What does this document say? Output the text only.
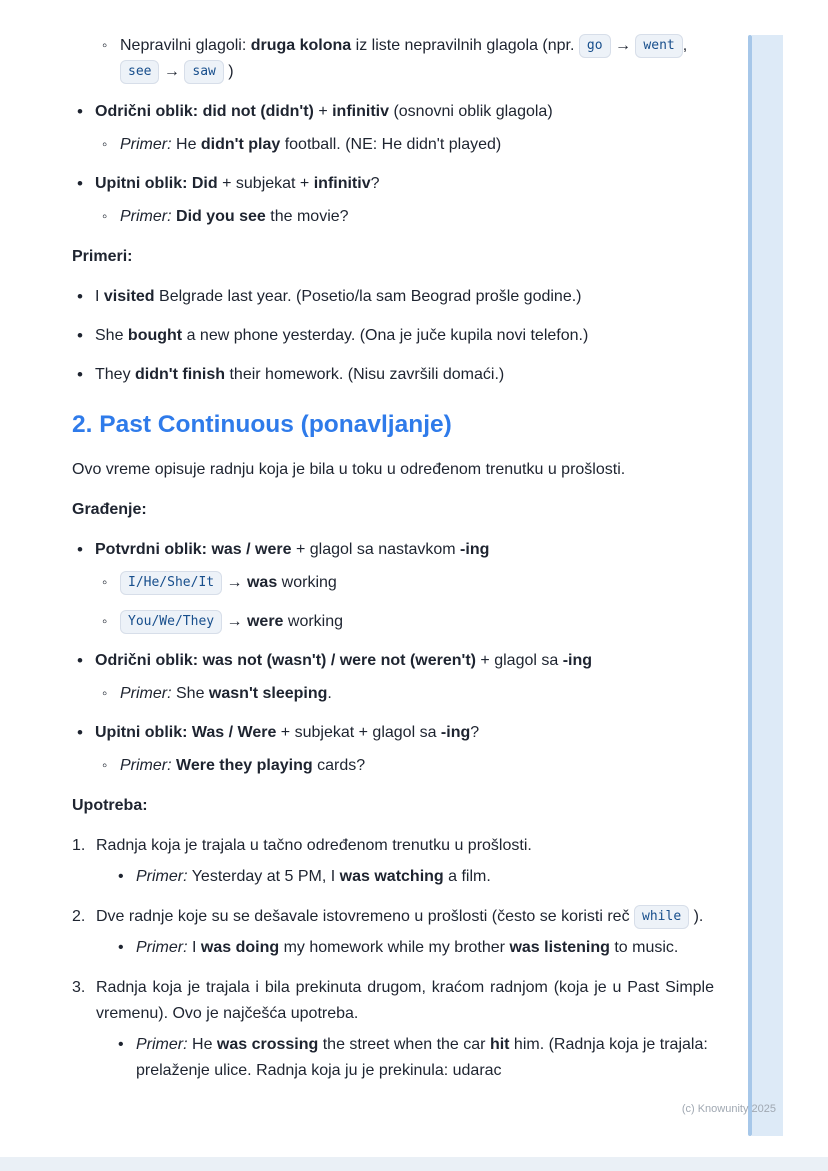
◦ Nepravilni glagoli: druga kolona iz liste nepravilnih glagola (npr. go → went , see → saw )
• Odrični oblik: did not (didn't) + infinitiv (osnovni oblik glagola)
◦ Primer: He didn't play football. (NE: He didn't played)
• Upitni oblik: Did + subjekat + infinitiv?
◦ Primer: Did you see the movie?

Primeri:

• I visited Belgrade last year. (Posetio/la sam Beograd prošle godine.)
• She bought a new phone yesterday. (Ona je juče kupila novi telefon.)
• They didn't finish their homework. (Nisu završili domaći.)
2. Past Continuous (ponavljanje)

Ovo vreme opisuje radnju koja je bila u toku u određenom trenutku u prošlosti.

Građenje:

• Potvrdni oblik: was / were + glagol sa nastavkom -ing
◦	I/He/She/It → was working
◦	You/We/They → were working
• Odrični oblik: was not (wasn't) / were not (weren't) + glagol sa -ing
◦ Primer: She wasn't sleeping.
• Upitni oblik: Was / Were + subjekat + glagol sa -ing?
◦ Primer: Were they playing cards?

Upotreba:

1. Radnja koja je trajala u tačno određenom trenutku u prošlosti.
• Primer: Yesterday at 5 PM, I was watching a film.
2. Dve radnje koje su se dešavale istovremeno u prošlosti (često se koristi reč while ).
• Primer: I was doing my homework while my brother was listening to music.
3. Radnja koja je trajala i bila prekinuta drugom, kraćom radnjom (koja je u Past Simple vremenu). Ovo je najčešća upotreba.
• Primer: He was crossing the street when the car hit him. (Radnja koja je trajala: prelaženje ulice. Radnja koja ju je prekinula: udarac
(c) Knowunity 2025
